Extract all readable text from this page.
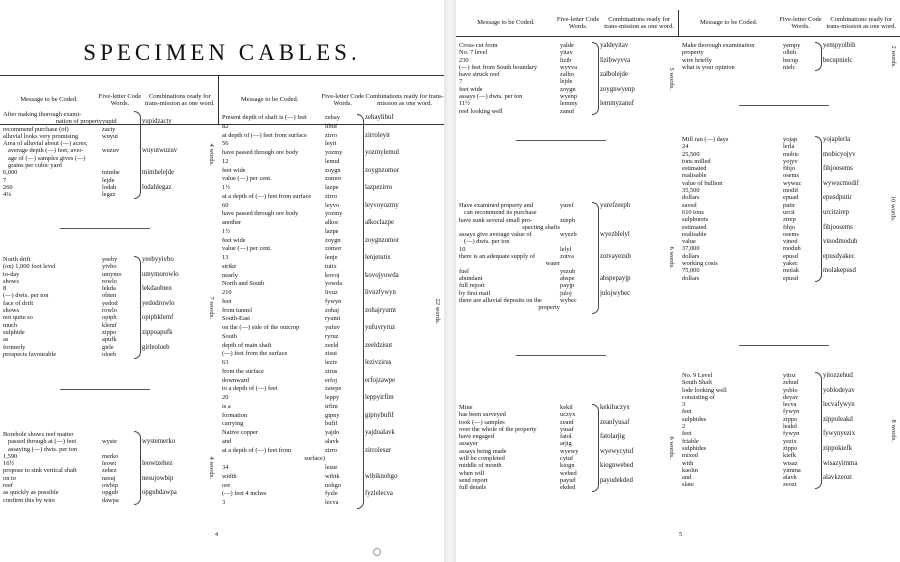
SPECIMEN CABLES.
Message to be Coded.
Five-letter Code Words.
Combinations ready for trans-mission as one word.
After making thorough exami-
nation of property yupid	yupidzacty
recommend purchase (of)	zacty
alluvial looks very promising	wuyut
Area of alluvial about (—) acres;
average depth (—) feet; aver-	wuzuv	wuyutwuzuv
age of (—) samples gives (—)
grains per cubic yard
6,000	mimhe	mimhelejde
7	lejde
260	lodah	lodahlegaz
4¼	legaz
4 words.
North drift	yeeby	yeebyyivbo
(on) 1,000 foot level	yivbo
to-day	umymo	umymorowlo
shows	rowlo
8	lekda	lekdaobten
(—) dwts. per ton	obten
face of drift	yedod	yedodrowlo
shows	rowlo
not quite so	opiph	opiphklemf
much	klemf
sulphide	zippo	zippoapufk
as	apufk
formerly	girle	girleoloeb
prospects favourable	oloeb
7 words.
Borehole shows reef matter
passed through at (—) feet	wyste	wystemerko
assaying (—) dwts. per ton
1,590	merko
16½	leowt	leowtzehez
propose to sink vertical shaft	zehez
on to	nesuj	nesujowbip
reef	owbip
as quickly as possible	opgub	opgubdawpa
confirm this by wire	dawpa
4 words.
Message to be Coded.
Five-letter Code Words.
Combinations ready for trans-mission as one word.
Present depth of shaft is (—) feet	zehay	zehaylibuf
82	libuf
at depth of (—) feet from surface	zirro	zirroleyit
56	leyit
have passed through ore body	yozmy	yozmylemul
12	lemul
feet wide	zoygn	zoygnzomor
value (—) per cent.	zomor
1½	lazpe	lazpezirro
at a depth of (—) feet from surface	zirro
60	leyvo	leyvoyozmy
have passed through ore body	yozmy
another	alkoc	alkoclazpe
1½	lazpe
feet wide	zoygn	zoygnzomor
value (—) per cent.	zomor
13	lenje	lenjetutix
strike	tutix
nearly	kovoj	kovojyowda
North and South	yowda
210	livuz	livuzfywyn
feet	fywyn
from tunnel	zohaj	zohajryumt
South-East	ryumt
on the (—) side of the outcrop	yufuv	yufuvryruz
South	ryruz
depth of main shaft	zeeld	zeeldzisut
(—) feet from the surface	zisut
63	leziv	lezivzirus
from the surface	zirus
downward	erfoj	erfojzawpe
to a depth of (—) feet	zawpe
20	leppy	leppyirfim
is a	irfim
formation	gipny	gipnybufif
carrying	bufif
Native copper	yajdo	yajdoalavk
and	alavk
at a depth of (—) feet from	zirro	zirrolesur
surface)
34	lesur
width	wibik	wibiknohgo
ore	nohgo
(—) feet 4 inches	fyzle	fyzlelecva
3	lecva
22 words.
4
Message to be Coded.
Five-letter Code Words.
Combinations ready for trans-mission as one word.
Cross-cut from	yalde	yaldeyitav
No. 7 level	yitav
230	lizib	lizibwyvva
(—) feet from South boundary	wyvva
have struck reef	zalbo	zalbolejde
7	lejde
feet wide	zoygn	zoygnwyenp
assays (—) dwts. per ton	wyenp
11½	lemmy	lemmyzanuf
reef looking well	zanuf
5 words.
Have examined property and	yuref	yurefzeeph
can recommend its purchase
have sunk several small pro-	zeeph
specting shafts
assays give average value of	wyezb	wyezblelyl
(—) dwts. per ton
10	lelyl
there is an adequate supply of	zotva	zotvayezub
water
fuel	yezub
abundant	abspe	abspepayjp
full report	payjp
by first mail	juloj	julojwybec
there are alluvial deposits on the	wybec
property
6 words.
Mine	kekil	kekiluczyx
has been surveyed	uczyx
took (—) samples	zeanf	zeanfyusaf
over the whole of the property	yusaf
have engaged	fatol	fatolarjig
assayer	arjig
assays being made	wyewy	wyewycytuf
will be completed	cytuf
middle of month	kiogn	kiognwebed
when will	webed
send report	payud	payudekded
full details	ekded
6 words.
Message to be Coded.
Five-letter Code Words.
Combinations ready for trans-mission as one word.
Make thorough examination	yempy	yempyolbih
property	olbih
wire briefly	becup	becupnielc
what is your opinion	nielc	2 words.
Mill ran (—) days	yojap	yojaplerla
24	lerla
25,500	mobic	mobicyojyv
tons milled	yojyv
estimated	fihjo	fihjoosems
realisable	osems
value of bullion	wywuc	wywucmodif
35,500	modif
dollars	epuad	epusdputir
saved	putir
610 tons	urcit	urcitzirep
sulphurets	zirep
estimated	fihjo	fihjoosems
realisable	osems
value	vinod	vinodmoduh
37,000	moduh
dollars	epusd	epusdyakec
working costs	yakec
75,000	molak	molakepusd
dollars	epusd
10 words.
No. 9 Level	yitoz	yitozzehud
South Shaft	zehud
lode looking well	yoblo	yoblodeyav
consisting of	deyav
3	lecva	lecvafywyn
feet	fywyn
sulphides	zippo	zippoleakd
2	leakd
feet	fywyn	fywynyezix
friable	yezix
sulphides	zippo	zippokiefk
mixed	kiefk
with	wisaz	wisazyimma
kaolin	yimma
and	alavk	alavkzeozt
slate	zeozt
8 words.
5
